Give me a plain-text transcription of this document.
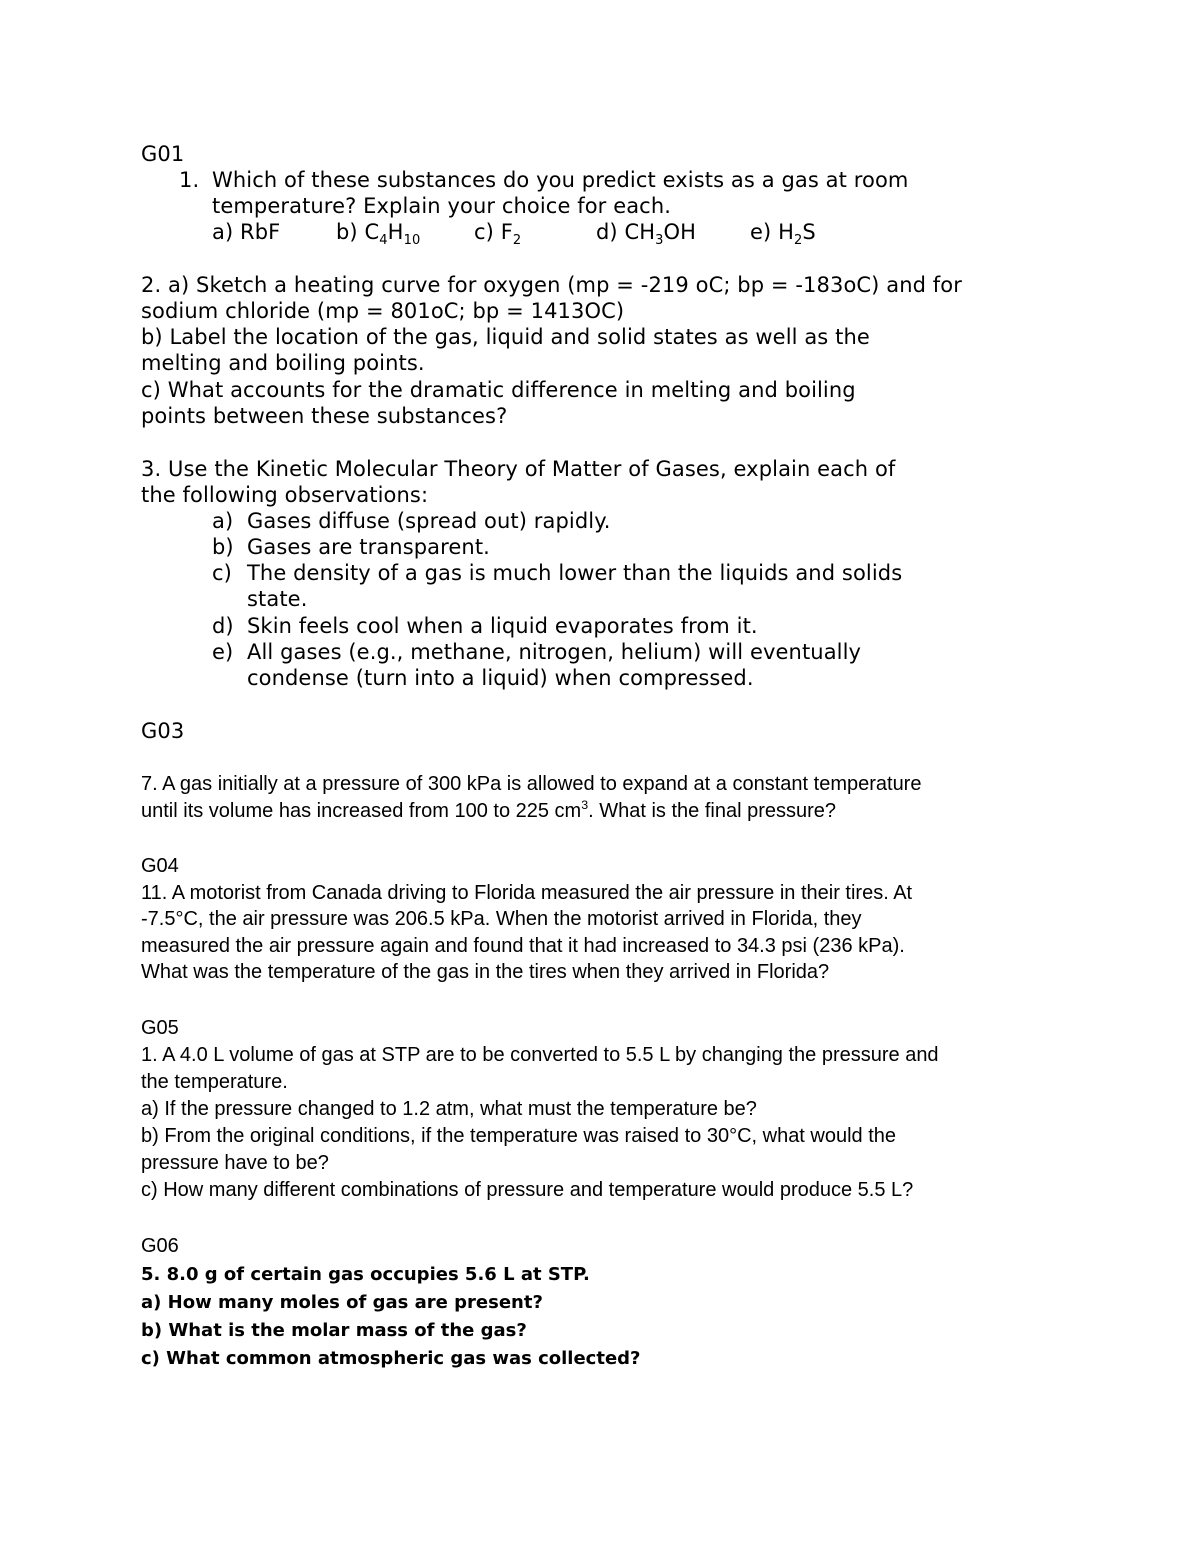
G01
1. Which of these substances do you predict exists as a gas at room
temperature? Explain your choice for each.
a) RbF	b) C4H10	c) F2	d) CH3OH	e) H2S
2. a) Sketch a heating curve for oxygen (mp = -219 oC; bp = -183oC) and for
sodium chloride (mp = 801oC; bp = 1413OC)
b) Label the location of the gas, liquid and solid states as well as the
melting and boiling points.
c) What accounts for the dramatic difference in melting and boiling
points between these substances?
3. Use the Kinetic Molecular Theory of Matter of Gases, explain each of
the following observations:
a) Gases diffuse (spread out) rapidly.
b) Gases are transparent.
c) The density of a gas is much lower than the liquids and solids
state.
d) Skin feels cool when a liquid evaporates from it.
e) All gases (e.g., methane, nitrogen, helium) will eventually
condense (turn into a liquid) when compressed.
G03
7. A gas initially at a pressure of 300 kPa is allowed to expand at a constant temperature
until its volume has increased from 100 to 225 cm3. What is the final pressure?
G04
11. A motorist from Canada driving to Florida measured the air pressure in their tires. At
-7.5°C, the air pressure was 206.5 kPa. When the motorist arrived in Florida, they
measured the air pressure again and found that it had increased to 34.3 psi (236 kPa).
What was the temperature of the gas in the tires when they arrived in Florida?
G05
1. A 4.0 L volume of gas at STP are to be converted to 5.5 L by changing the pressure and
the temperature.
a) If the pressure changed to 1.2 atm, what must the temperature be?
b) From the original conditions, if the temperature was raised to 30°C, what would the
pressure have to be?
c) How many different combinations of pressure and temperature would produce 5.5 L?
G06
5. 8.0 g of certain gas occupies 5.6 L at STP.
a) How many moles of gas are present?
b) What is the molar mass of the gas?
c) What common atmospheric gas was collected?
